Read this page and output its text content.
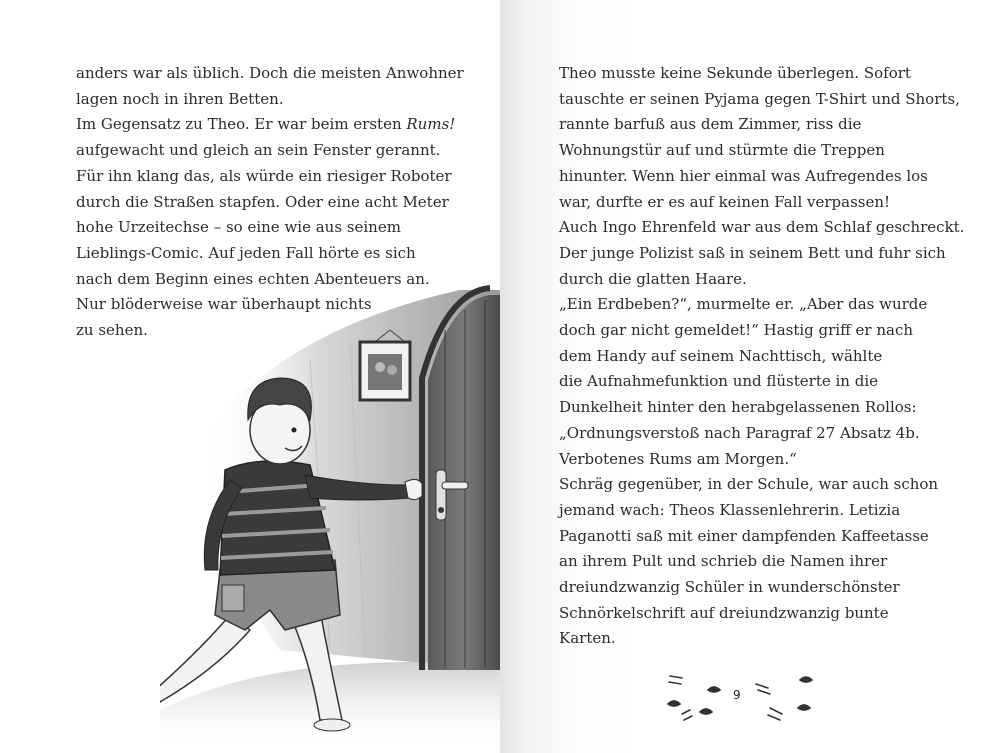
anders war als üblich. Doch die meisten Anwohner
lagen noch in ihren Betten.
Im Gegensatz zu Theo. Er war beim ersten Rums!
aufgewacht und gleich an sein Fenster gerannt.
Für ihn klang das, als würde ein riesiger Roboter
durch die Straßen stapfen. Oder eine acht Meter
hohe Urzeitechse – so eine wie aus seinem
Lieblings-Comic. Auf jeden Fall hörte es sich
nach dem Beginn eines echten Abenteuers an.
Nur blöderweise war überhaupt nichts
zu sehen.
Theo musste keine Sekunde überlegen. Sofort
tauschte er seinen Pyjama gegen T-Shirt und Shorts,
rannte barfuß aus dem Zimmer, riss die
Wohnungstür auf und stürmte die Treppen
hinunter. Wenn hier einmal was Aufregendes los
war, durfte er es auf keinen Fall verpassen!
Auch Ingo Ehrenfeld war aus dem Schlaf geschreckt.
Der junge Polizist saß in seinem Bett und fuhr sich
durch die glatten Haare.
„Ein Erdbeben?“, murmelte er. „Aber das wurde
doch gar nicht gemeldet!“ Hastig griff er nach
dem Handy auf seinem Nachttisch, wählte
die Aufnahmefunktion und flüsterte in die
Dunkelheit hinter den herabgelassenen Rollos:
„Ordnungsverstoß nach Paragraf 27 Absatz 4b.
Verbotenes Rums am Morgen.“
Schräg gegenüber, in der Schule, war auch schon
jemand wach: Theos Klassenlehrerin. Letizia
Paganotti saß mit einer dampfenden Kaffeetasse
an ihrem Pult und schrieb die Namen ihrer
dreiundzwanzig Schüler in wunderschönster
Schnörkelschrift auf dreiundzwanzig bunte
Karten.
9
